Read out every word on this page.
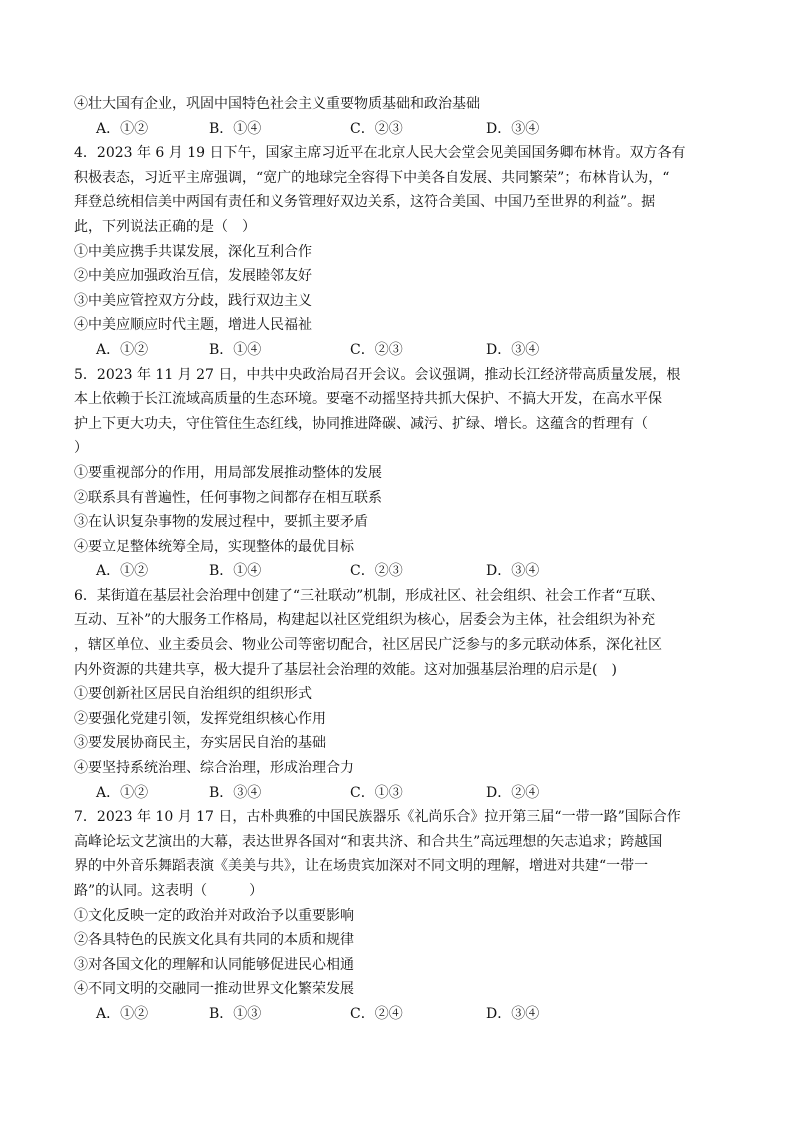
④壮大国有企业，巩固中国特色社会主义重要物质基础和政治基础
A．①②	B．①④	C．②③	D．③④
4．2023 年 6 月 19 日下午，国家主席习近平在北京人民大会堂会见美国国务卿布林肯。双方各有
积极表态，习近平主席强调，“宽广的地球完全容得下中美各自发展、共同繁荣”；布林肯认为，“
拜登总统相信美中两国有责任和义务管理好双边关系，这符合美国、中国乃至世界的利益”。据
此，下列说法正确的是（　）
①中美应携手共谋发展，深化互利合作
②中美应加强政治互信，发展睦邻友好
③中美应管控双方分歧，践行双边主义
④中美应顺应时代主题，增进人民福祉
A．①②	B．①④	C．②③	D．③④
5．2023 年 11 月 27 日，中共中央政治局召开会议。会议强调，推动长江经济带高质量发展，根
本上依赖于长江流域高质量的生态环境。要毫不动摇坚持共抓大保护、不搞大开发，在高水平保
护上下更大功夫，守住管住生态红线，协同推进降碳、减污、扩绿、增长。这蕴含的哲理有（
）
①要重视部分的作用，用局部发展推动整体的发展
②联系具有普遍性，任何事物之间都存在相互联系
③在认识复杂事物的发展过程中，要抓主要矛盾
④要立足整体统筹全局，实现整体的最优目标
A．①②	B．①④	C．②③	D．③④
6．某街道在基层社会治理中创建了“三社联动”机制，形成社区、社会组织、社会工作者“互联、
互动、互补”的大服务工作格局，构建起以社区党组织为核心，居委会为主体，社会组织为补充
，辖区单位、业主委员会、物业公司等密切配合，社区居民广泛参与的多元联动体系，深化社区
内外资源的共建共享，极大提升了基层社会治理的效能。这对加强基层治理的启示是(　)
①要创新社区居民自治组织的组织形式
②要强化党建引领，发挥党组织核心作用
③要发展协商民主，夯实居民自治的基础
④要坚持系统治理、综合治理，形成治理合力
A．①②	B．③④	C．①③	D．②④
7．2023 年 10 月 17 日，古朴典雅的中国民族器乐《礼尚乐合》拉开第三届“一带一路”国际合作
高峰论坛文艺演出的大幕，表达世界各国对“和衷共济、和合共生”高远理想的矢志追求；跨越国
界的中外音乐舞蹈表演《美美与共》，让在场贵宾加深对不同文明的理解，增进对共建“一带一
路”的认同。这表明（　　　）
①文化反映一定的政治并对政治予以重要影响
②各具特色的民族文化具有共同的本质和规律
③对各国文化的理解和认同能够促进民心相通
④不同文明的交融同一推动世界文化繁荣发展
A．①②	B．①③	C．②④	D．③④
